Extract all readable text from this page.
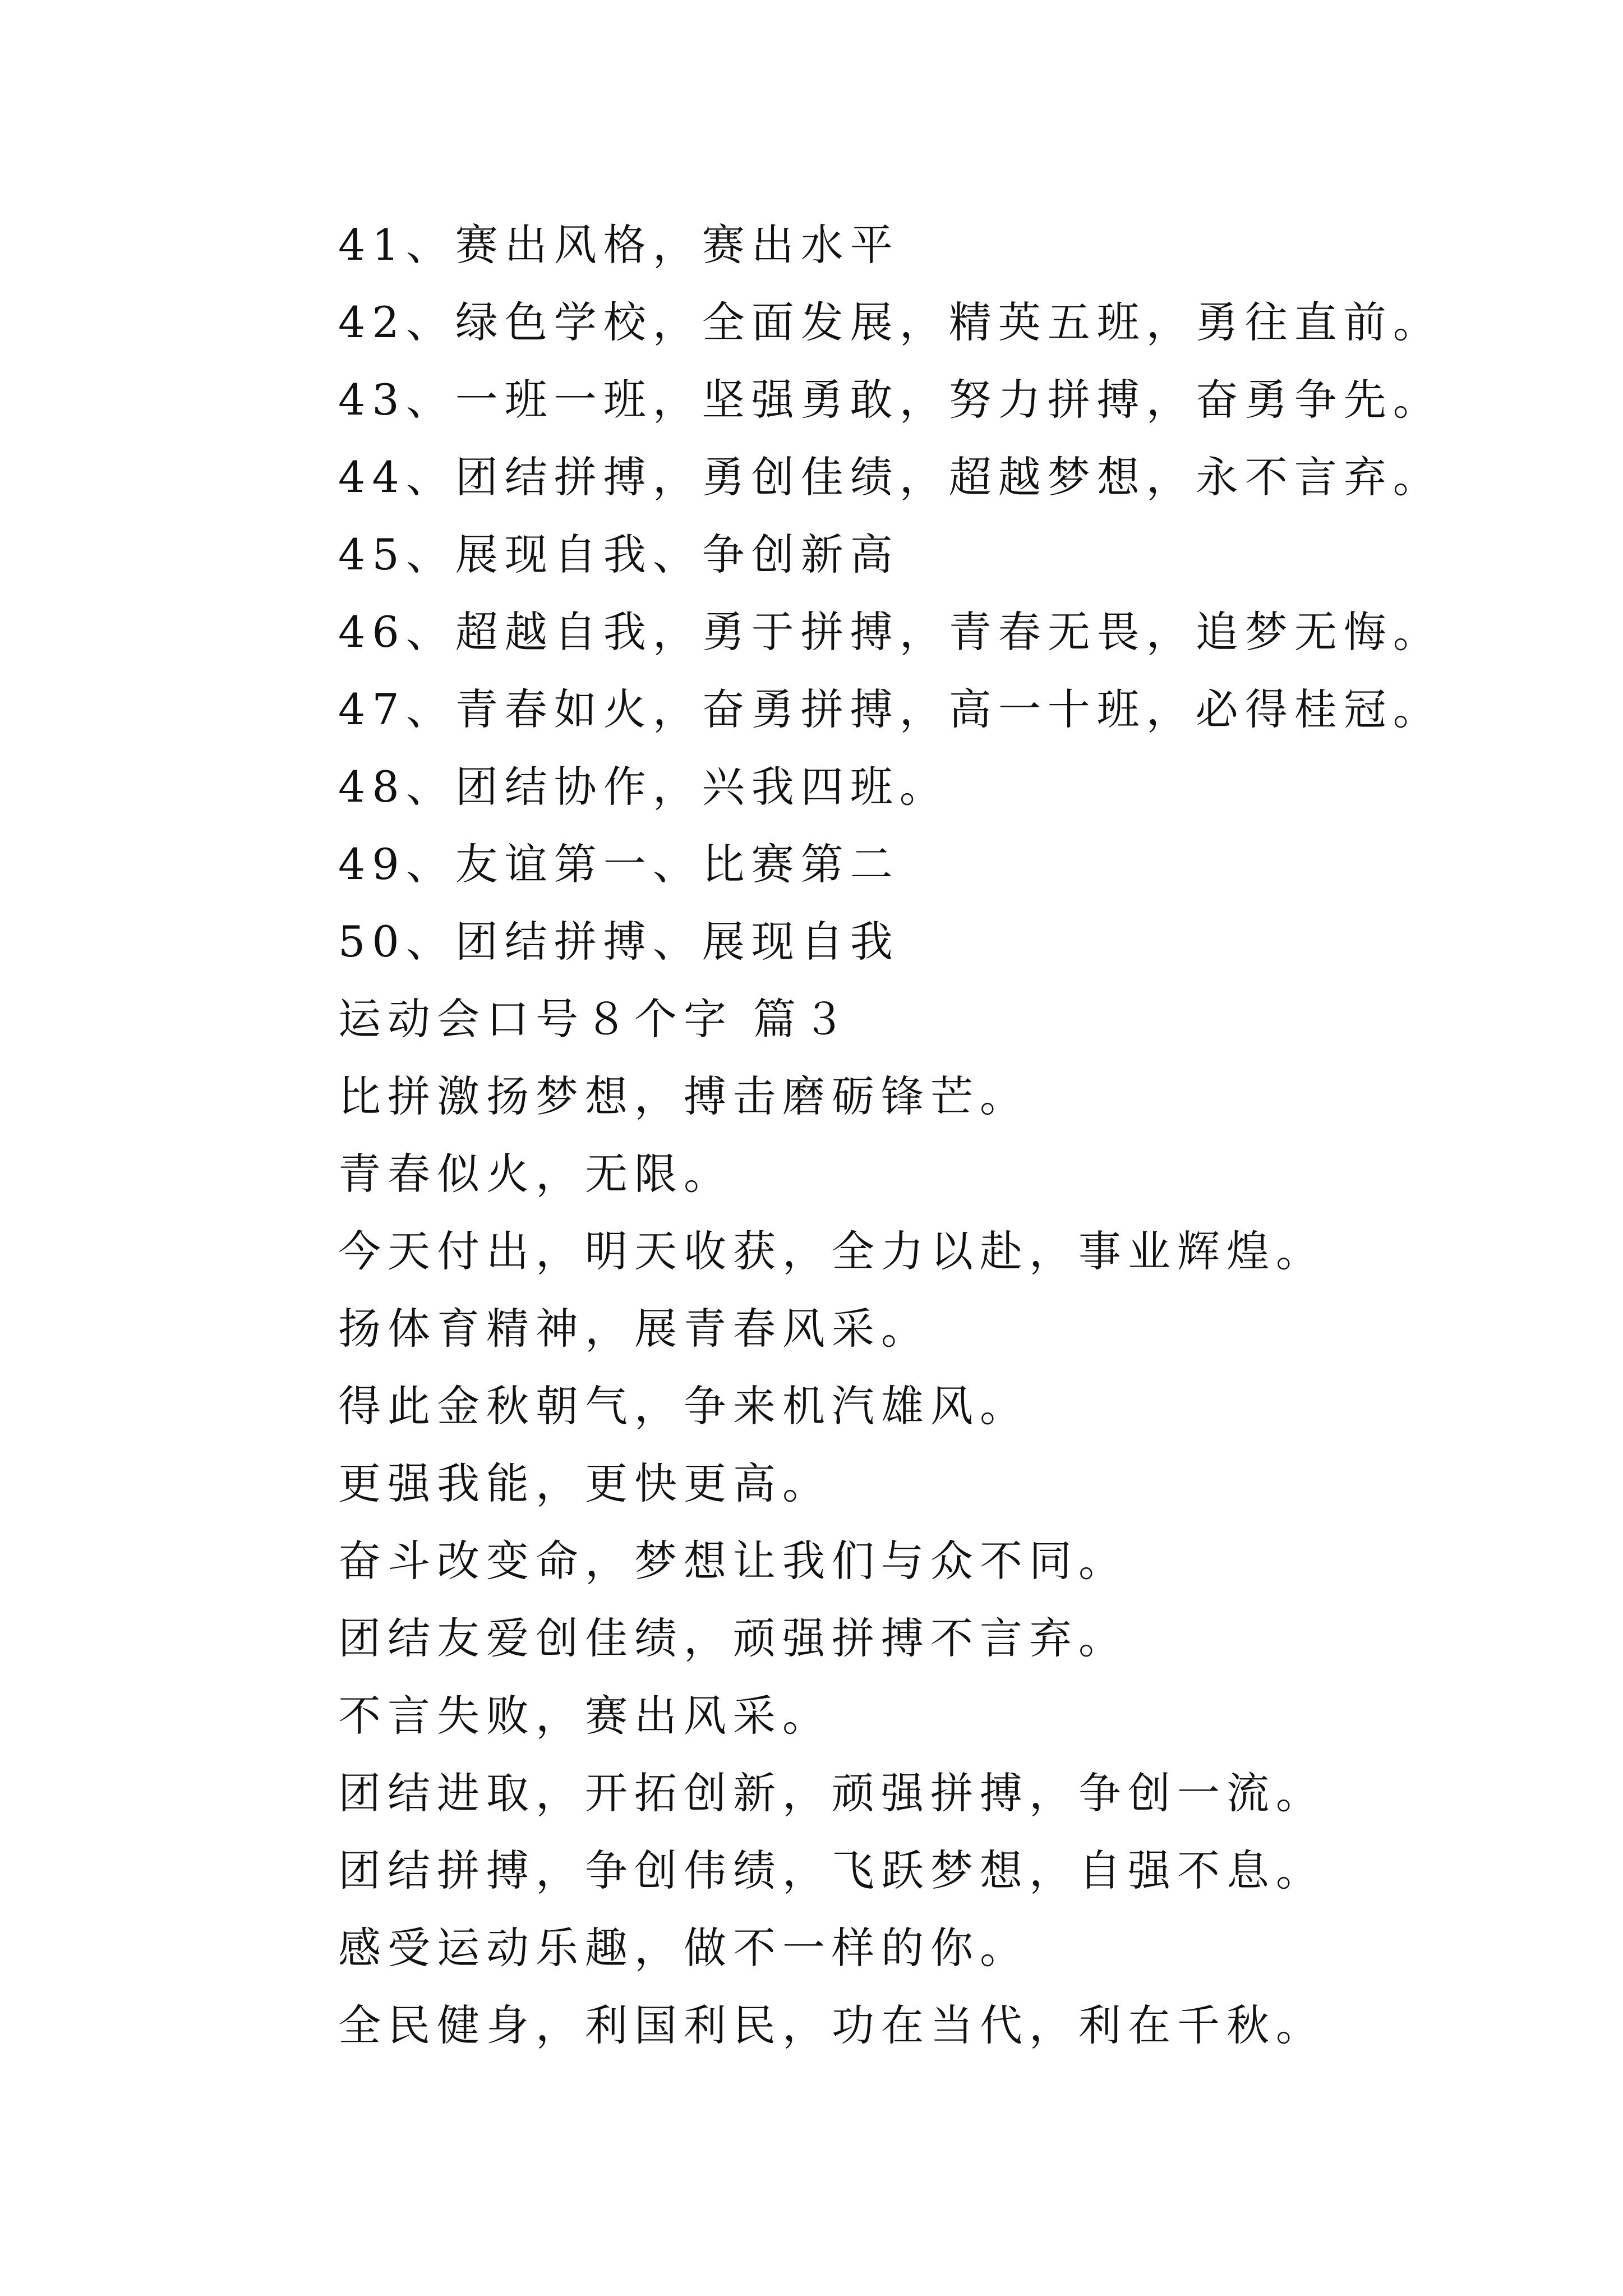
41、赛出风格，赛出水平
42、绿色学校，全面发展，精英五班，勇往直前。
43、一班一班，坚强勇敢，努力拼搏，奋勇争先。
44、团结拼搏，勇创佳绩，超越梦想，永不言弃。
45、展现自我、争创新高
46、超越自我，勇于拼搏，青春无畏，追梦无悔。
47、青春如火，奋勇拼搏，高一十班，必得桂冠。
48、团结协作，兴我四班。
49、友谊第一、比赛第二
50、团结拼搏、展现自我
运动会口号８个字 篇３
比拼激扬梦想，搏击磨砺锋芒。
青春似火，无限。
今天付出，明天收获，全力以赴，事业辉煌。
扬体育精神，展青春风采。
得此金秋朝气，争来机汽雄风。
更强我能，更快更高。
奋斗改变命，梦想让我们与众不同。
团结友爱创佳绩，顽强拼搏不言弃。
不言失败，赛出风采。
团结进取，开拓创新，顽强拼搏，争创一流。
团结拼搏，争创伟绩，飞跃梦想，自强不息。
感受运动乐趣，做不一样的你。
全民健身，利国利民，功在当代，利在千秋。
